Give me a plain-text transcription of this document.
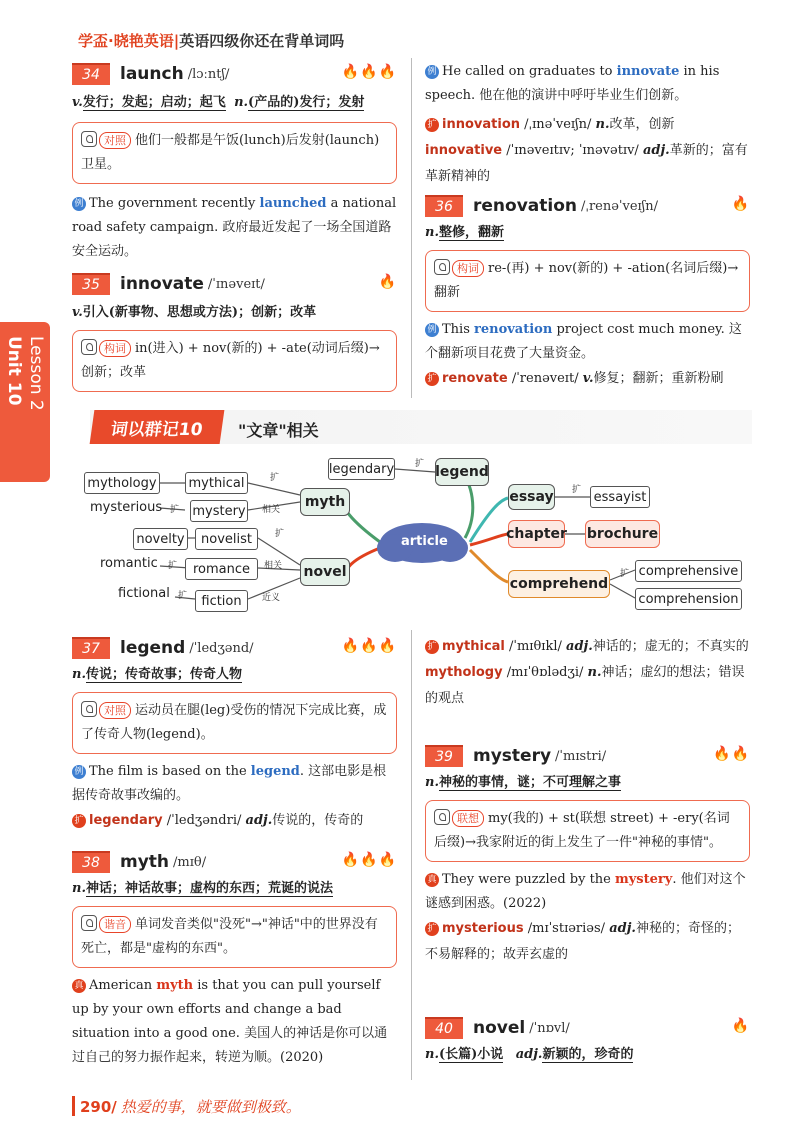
学盃·晓艳英语|英语四级你还在背单词吗
Unit 10 Lesson 2
34	launch /lɔːntʃ/	🔥🔥🔥
v.发行；发起；启动；起飞 n.(产品的)发行；发射
对照 他们一般都是午饭(lunch)后发射(launch)卫星。
例 The government recently launched a national road safety campaign. 政府最近发起了一场全国道路安全运动。
35	innovate /ˈɪnəveɪt/	🔥
v.引入(新事物、思想或方法)；创新；改革
构词 in(进入) + nov(新的) + -ate(动词后缀)→创新；改革
例 He called on graduates to innovate in his speech. 他在他的演讲中呼吁毕业生们创新。
扩 innovation /ˌɪnəˈveɪʃn/ n.改革，创新
innovative /ˈɪnəveɪtɪv; ˈɪnəvətɪv/ adj.革新的；富有革新精神的
36	renovation /ˌrenəˈveɪʃn/	🔥
n.整修，翻新
构词 re-(再) + nov(新的) + -ation(名词后缀)→翻新
例 This renovation project cost much money. 这个翻新项目花费了大量资金。
扩 renovate /ˈrenəveɪt/ v.修复；翻新；重新粉刷
词以群记10	"文章"相关
article
mythology mythical	扩
mysterious 扩 mystery 相关	myth
novelty	novelist	扩
romantic 扩	romance	相关 novel
fictional 扩	fiction	近义
legendary 扩 legend
essay 扩 essayist
chapter brochure
comprehend
扩 comprehensive
comprehension
37	legend /ˈledʒənd/	🔥🔥🔥
n.传说；传奇故事；传奇人物
对照 运动员在腿(leg)受伤的情况下完成比赛，成了传奇人物(legend)。
例 The film is based on the legend. 这部电影是根据传奇故事改编的。
扩 legendary /ˈledʒəndri/ adj.传说的，传奇的
38	myth /mɪθ/	🔥🔥🔥
n.神话；神话故事；虚构的东西；荒诞的说法
谐音 单词发音类似"没死"→"神话"中的世界没有死亡，都是"虚构的东西"。
真 American myth is that you can pull yourself up by your own efforts and change a bad situation into a good one. 美国人的神话是你可以通过自己的努力振作起来，转逆为顺。(2020)
扩 mythical /ˈmɪθɪkl/ adj.神话的；虚无的；不真实的
mythology /mɪˈθɒlədʒi/ n.神话；虚幻的想法；错误的观点
39	mystery /ˈmɪstri/	🔥🔥
n.神秘的事情，谜；不可理解之事
联想 my(我的) + st(联想 street) + -ery(名词后缀)→我家附近的街上发生了一件"神秘的事情"。
真 They were puzzled by the mystery. 他们对这个谜感到困惑。(2022)
扩 mysterious /mɪˈstɪəriəs/ adj.神秘的；奇怪的；不易解释的；故弄玄虚的
40	novel /ˈnɒvl/	🔥
n.(长篇)小说 adj.新颖的，珍奇的
290/ 热爱的事，就要做到极致。
